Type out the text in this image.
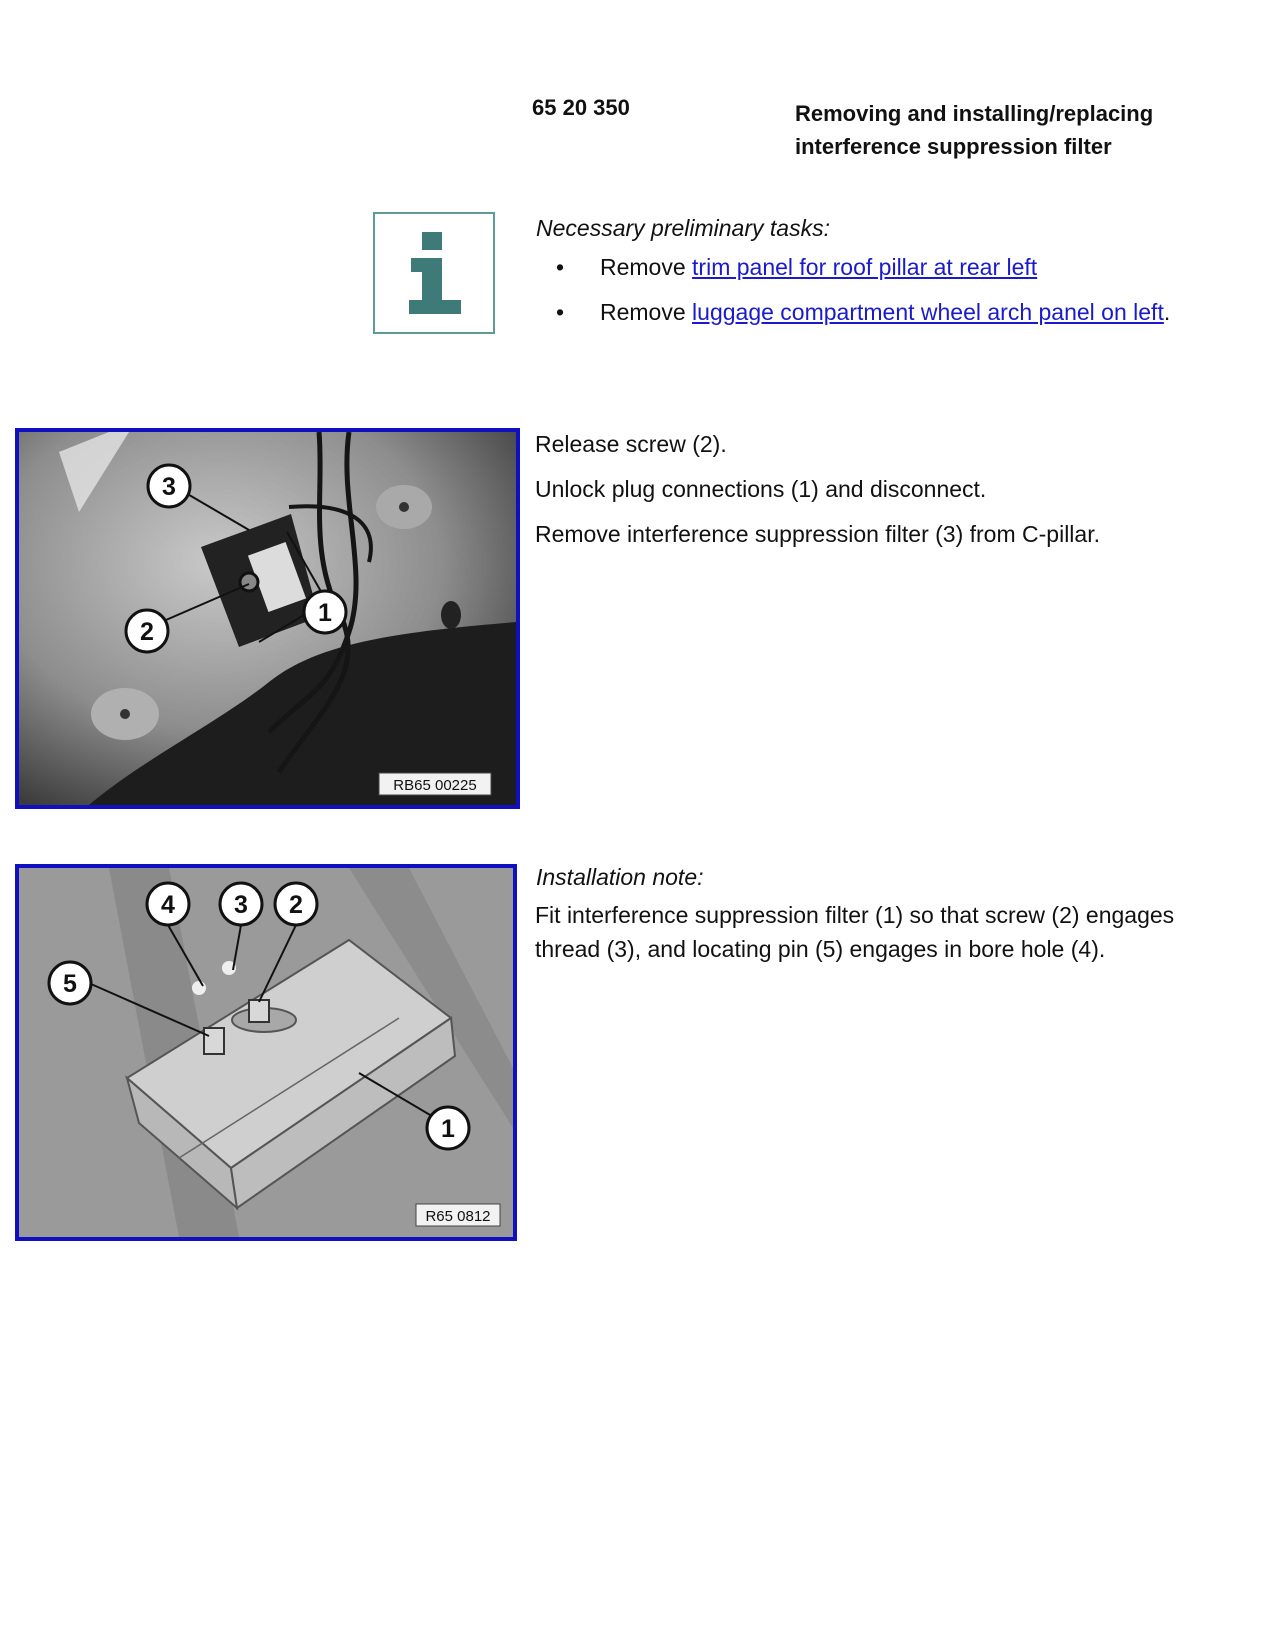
65 20 350	Removing and installing/replacing
interference suppression filter
Necessary preliminary tasks:
• Remove trim panel for roof pillar at rear left
• Remove luggage compartment wheel arch panel on left.
3
2
1
RB65 00225

Release screw (2).

Unlock plug connections (1) and disconnect.

Remove interference suppression filter (3) from C-pillar.

4 3 2
5
1
R65 0812
Installation note:
Fit interference suppression filter (1) so that screw (2) engages
thread (3), and locating pin (5) engages in bore hole (4).
